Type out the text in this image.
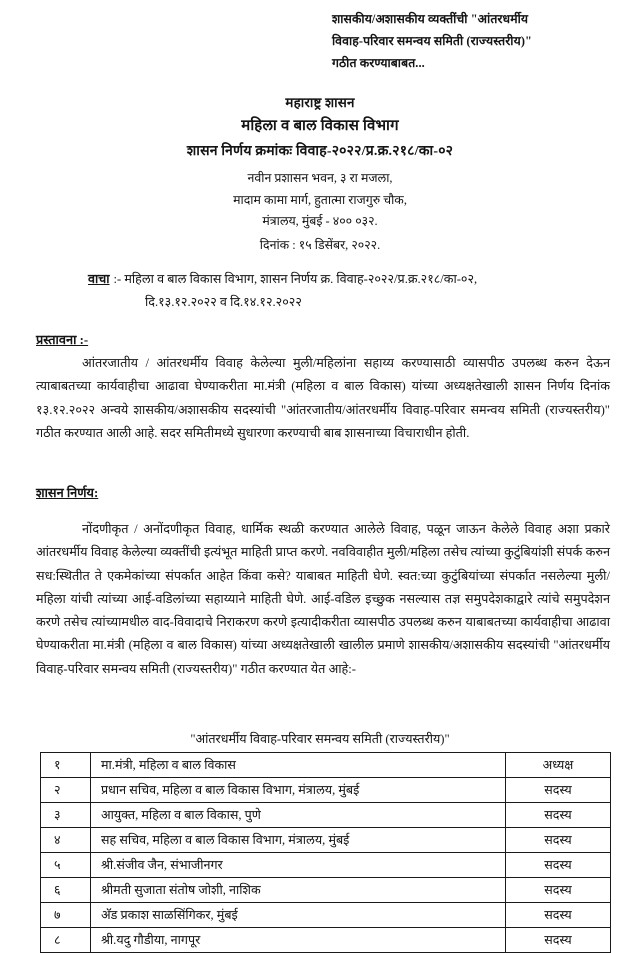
शासकीय/अशासकीय व्यक्तींची "आंतरधर्मीय
विवाह-परिवार समन्वय समिती (राज्यस्तरीय)"
गठीत करण्याबाबत...
महाराष्ट्र शासन
महिला व बाल विकास विभाग
शासन निर्णय क्रमांकः विवाह-२०२२/प्र.क्र.२१८/का-०२
नवीन प्रशासन भवन, ३ रा मजला,
मादाम कामा मार्ग, हुतात्मा राजगुरु चौक,
मंत्रालय, मुंबई - ४०० ०३२.
दिनांक : १५ डिसेंबर, २०२२.
वाचा :- महिला व बाल विकास विभाग, शासन निर्णय क्र. विवाह-२०२२/प्र.क्र.२१८/का-०२,
दि.१३.१२.२०२२ व दि.१४.१२.२०२२
प्रस्तावना :-
आंतरजातीय / आंतरधर्मीय विवाह केलेल्या मुली/महिलांना सहाय्य करण्यासाठी व्यासपीठ उपलब्ध करुन देऊन त्याबाबतच्या कार्यवाहीचा आढावा घेण्याकरीता मा.मंत्री (महिला व बाल विकास) यांच्या अध्यक्षतेखाली शासन निर्णय दिनांक १३.१२.२०२२ अन्वये शासकीय/अशासकीय सदस्यांची "आंतरजातीय/आंतरधर्मीय विवाह-परिवार समन्वय समिती (राज्यस्तरीय)" गठीत करण्यात आली आहे. सदर समितीमध्ये सुधारणा करण्याची बाब शासनाच्या विचाराधीन होती.
शासन निर्णय:
नोंदणीकृत / अनोंदणीकृत विवाह, धार्मिक स्थळी करण्यात आलेले विवाह, पळून जाऊन केलेले विवाह अशा प्रकारे आंतरधर्मीय विवाह केलेल्या व्यक्तींची इत्यंभूत माहिती प्राप्त करणे. नवविवाहीत मुली/महिला तसेच त्यांच्या कुटुंबियांशी संपर्क करुन सध:स्थितीत ते एकमेकांच्या संपर्कात आहेत किंवा कसे? याबाबत माहिती घेणे. स्वत:च्या कुटुंबियांच्या संपर्कात नसलेल्या मुली/महिला यांची त्यांच्या आई-वडिलांच्या सहाय्याने माहिती घेणे. आई-वडिल इच्छुक नसल्यास तज्ञ समुपदेशकाद्वारे त्यांचे समुपदेशन करणे तसेच त्यांच्यामधील वाद-विवादाचे निराकरण करणे इत्यादीकरीता व्यासपीठ उपलब्ध करुन याबाबतच्या कार्यवाहीचा आढावा घेण्याकरीता मा.मंत्री (महिला व बाल विकास) यांच्या अध्यक्षतेखाली खालील प्रमाणे शासकीय/अशासकीय सदस्यांची "आंतरधर्मीय विवाह-परिवार समन्वय समिती (राज्यस्तरीय)" गठीत करण्यात येत आहे:-
"आंतरधर्मीय विवाह-परिवार समन्वय समिती (राज्यस्तरीय)"
१	मा.मंत्री, महिला व बाल विकास	अध्यक्ष
२	प्रधान सचिव, महिला व बाल विकास विभाग, मंत्रालय, मुंबई	सदस्य
३	आयुक्त, महिला व बाल विकास, पुणे	सदस्य
४	सह सचिव, महिला व बाल विकास विभाग, मंत्रालय, मुंबई	सदस्य
५	श्री.संजीव जैन, संभाजीनगर	सदस्य
६	श्रीमती सुजाता संतोष जोशी, नाशिक	सदस्य
७	अ‍ॅड प्रकाश साळसिंगिकर, मुंबई	सदस्य
८	श्री.यदु गौडीया, नागपूर	सदस्य
